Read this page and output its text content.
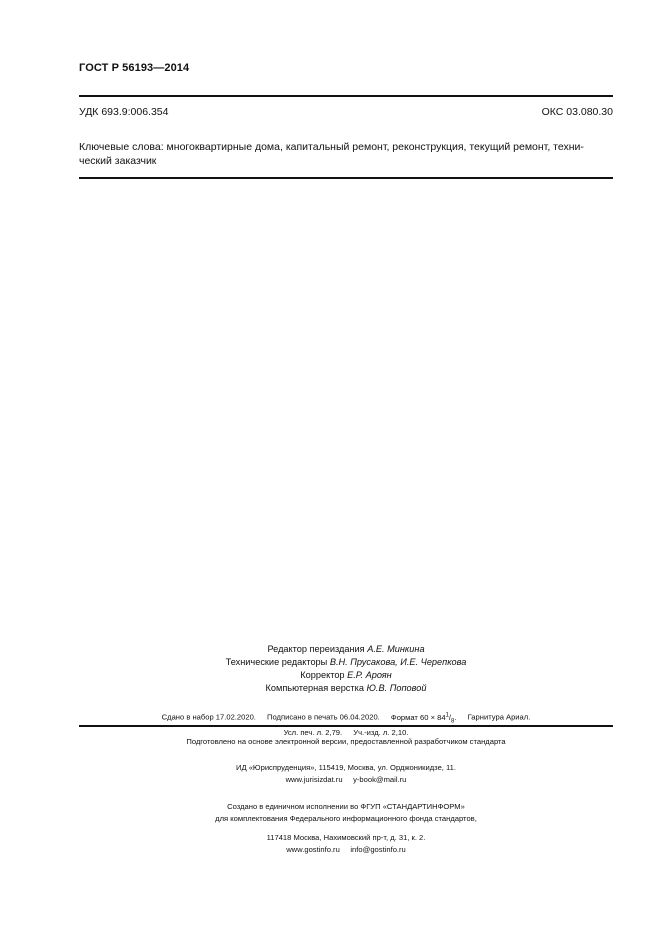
ГОСТ Р 56193—2014
УДК 693.9:006.354	ОКС 03.080.30
Ключевые слова: многоквартирные дома, капитальный ремонт, реконструкция, текущий ремонт, техни-
ческий заказчик
Редактор переиздания А.Е. Минкина
Технические редакторы В.Н. Прусакова, И.Е. Черепкова
Корректор Е.Р. Ароян
Компьютерная верстка Ю.В. Поповой
Сдано в набор 17.02.2020. Подписано в печать 06.04.2020. Формат $60 \times 84^1/_8$. Гарнитура Ариал.
Усл. печ. л. 2,79. Уч.-изд. л. 2,10.
Подготовлено на основе электронной версии, предоставленной разработчиком стандарта
ИД «Юриспруденция», 115419, Москва, ул. Орджоникидзе, 11.
www.jurisizdat.ru y-book@mail.ru
Создано в единичном исполнении во ФГУП «СТАНДАРТИНФОРМ»
для комплектования Федерального информационного фонда стандартов,
117418 Москва, Нахимовский пр-т, д. 31, к. 2.
www.gostinfo.ru info@gostinfo.ru
